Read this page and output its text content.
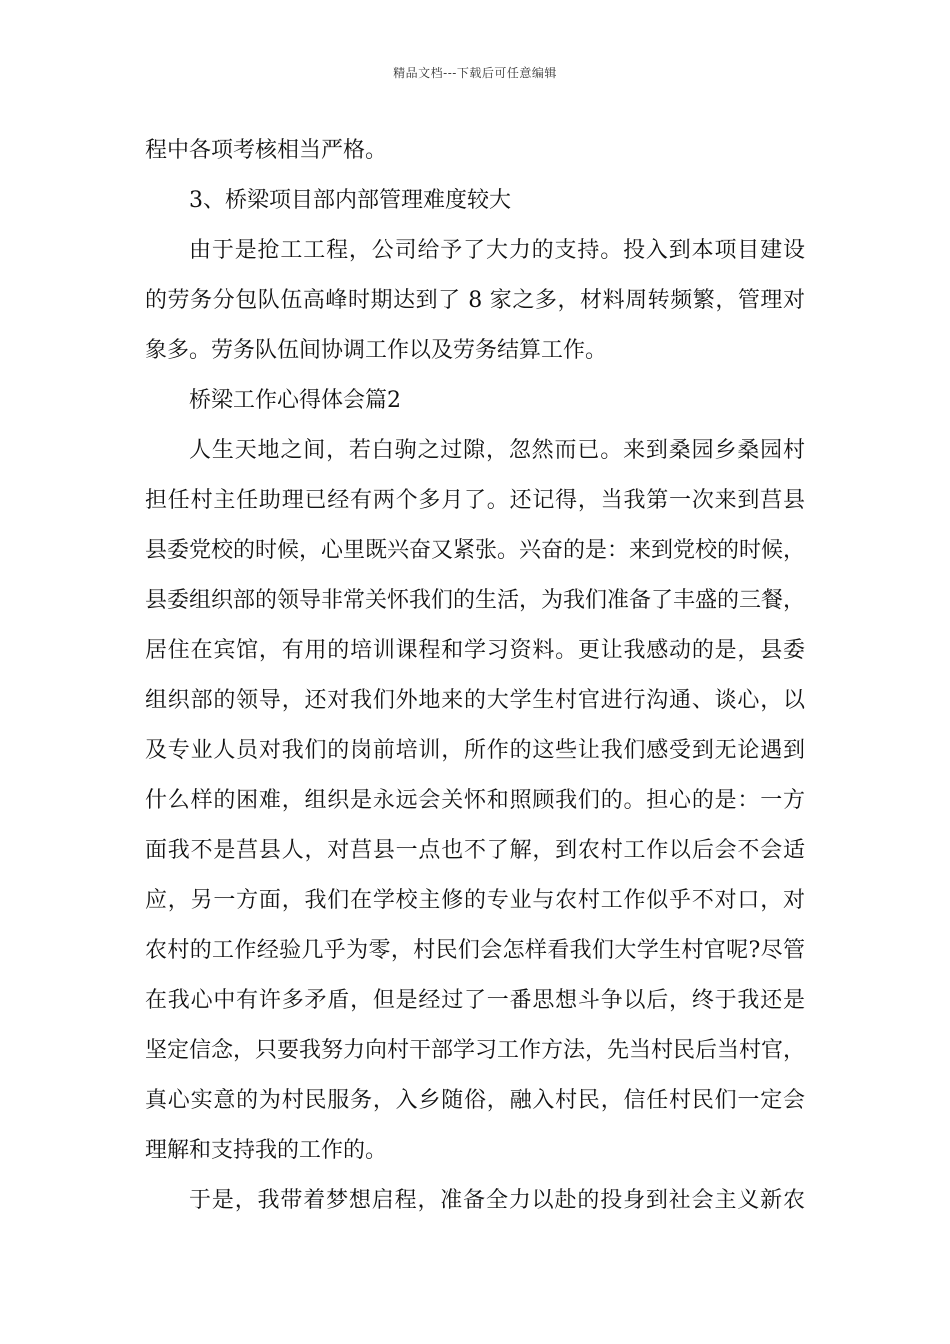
精品文档---下载后可任意编辑
程中各项考核相当严格。
3、桥梁项目部内部管理难度较大
由于是抢工工程，公司给予了大力的支持。投入到本项目建设
的劳务分包队伍高峰时期达到了 8 家之多，材料周转频繁，管理对
象多。劳务队伍间协调工作以及劳务结算工作。
桥梁工作心得体会篇2
人生天地之间，若白驹之过隙，忽然而已。来到桑园乡桑园村
担任村主任助理已经有两个多月了。还记得，当我第一次来到莒县
县委党校的时候，心里既兴奋又紧张。兴奋的是：来到党校的时候，
县委组织部的领导非常关怀我们的生活，为我们准备了丰盛的三餐，
居住在宾馆，有用的培训课程和学习资料。更让我感动的是，县委
组织部的领导，还对我们外地来的大学生村官进行沟通、谈心，以
及专业人员对我们的岗前培训，所作的这些让我们感受到无论遇到
什么样的困难，组织是永远会关怀和照顾我们的。担心的是：一方
面我不是莒县人，对莒县一点也不了解，到农村工作以后会不会适
应，另一方面，我们在学校主修的专业与农村工作似乎不对口，对
农村的工作经验几乎为零，村民们会怎样看我们大学生村官呢?尽管
在我心中有许多矛盾，但是经过了一番思想斗争以后，终于我还是
坚定信念，只要我努力向村干部学习工作方法，先当村民后当村官，
真心实意的为村民服务，入乡随俗，融入村民，信任村民们一定会
理解和支持我的工作的。
于是，我带着梦想启程，准备全力以赴的投身到社会主义新农
